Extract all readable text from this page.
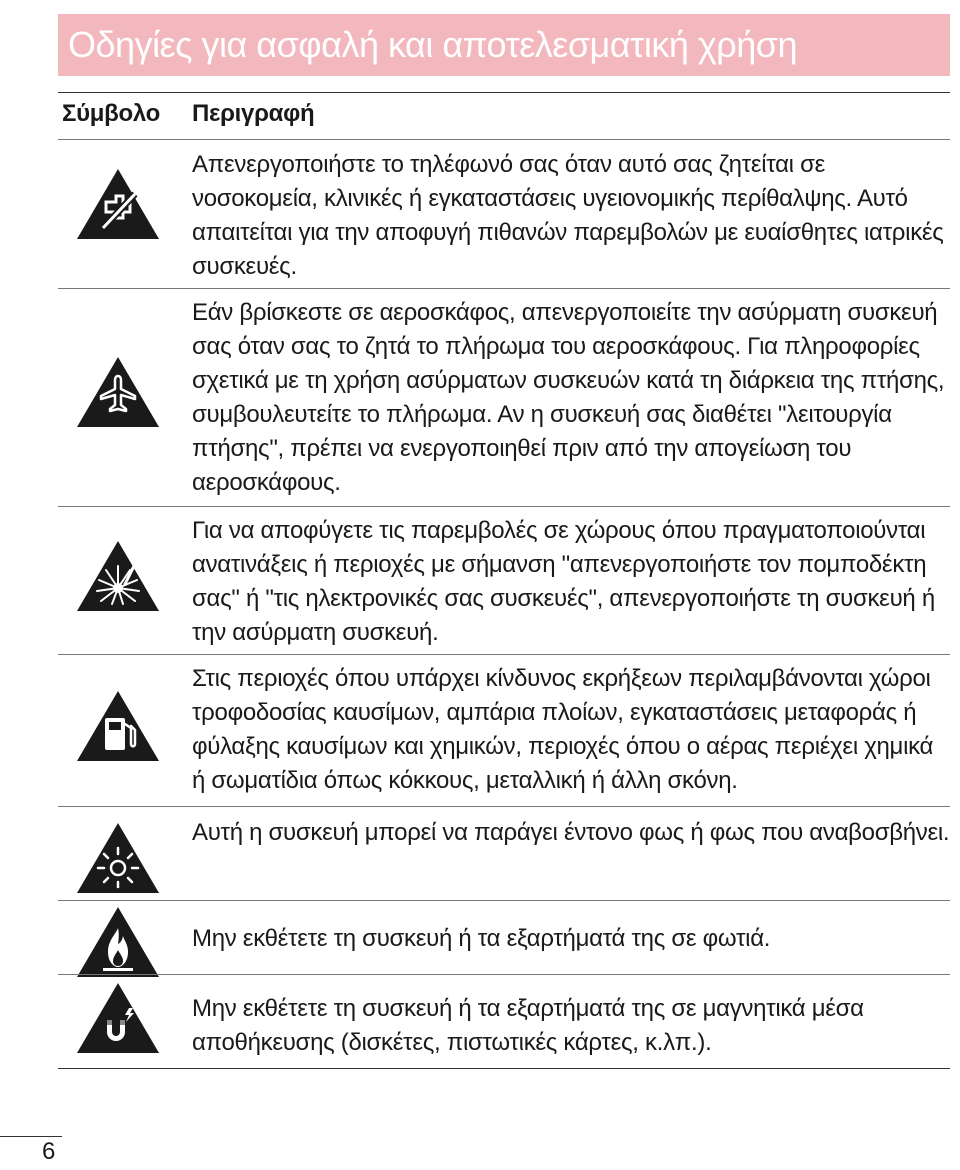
Οδηγίες για ασφαλή και αποτελεσματική χρήση
Σύμβολο Περιγραφή

Απενεργοποιήστε το τηλέφωνό σας όταν αυτό σας ζητείται σε νοσοκομεία, κλινικές ή εγκαταστάσεις υγειονομικής περίθαλψης. Αυτό απαιτείται για την αποφυγή πιθανών παρεμβολών με ευαίσθητες ιατρικές συσκευές.

Εάν βρίσκεστε σε αεροσκάφος, απενεργοποιείτε την ασύρματη συσκευή σας όταν σας το ζητά το πλήρωμα του αεροσκάφους. Για πληροφορίες σχετικά με τη χρήση ασύρματων συσκευών κατά τη διάρκεια της πτήσης, συμβουλευτείτε το πλήρωμα. Αν η συσκευή σας διαθέτει "λειτουργία πτήσης", πρέπει να ενεργοποιηθεί πριν από την απογείωση του αεροσκάφους.

Για να αποφύγετε τις παρεμβολές σε χώρους όπου πραγματοποιούνται ανατινάξεις ή περιοχές με σήμανση "απενεργοποιήστε τον πομποδέκτη σας" ή "τις ηλεκτρονικές σας συσκευές", απενεργοποιήστε τη συσκευή ή την ασύρματη συσκευή.

Στις περιοχές όπου υπάρχει κίνδυνος εκρήξεων περιλαμβάνονται χώροι τροφοδοσίας καυσίμων, αμπάρια πλοίων, εγκαταστάσεις μεταφοράς ή φύλαξης καυσίμων και χημικών, περιοχές όπου ο αέρας περιέχει χημικά ή σωματίδια όπως κόκκους, μεταλλική ή άλλη σκόνη.

Αυτή η συσκευή μπορεί να παράγει έντονο φως ή φως που αναβοσβήνει.

Μην εκθέτετε τη συσκευή ή τα εξαρτήματά της σε φωτιά.

Μην εκθέτετε τη συσκευή ή τα εξαρτήματά της σε μαγνητικά μέσα αποθήκευσης (δισκέτες, πιστωτικές κάρτες, κ.λπ.).

6
